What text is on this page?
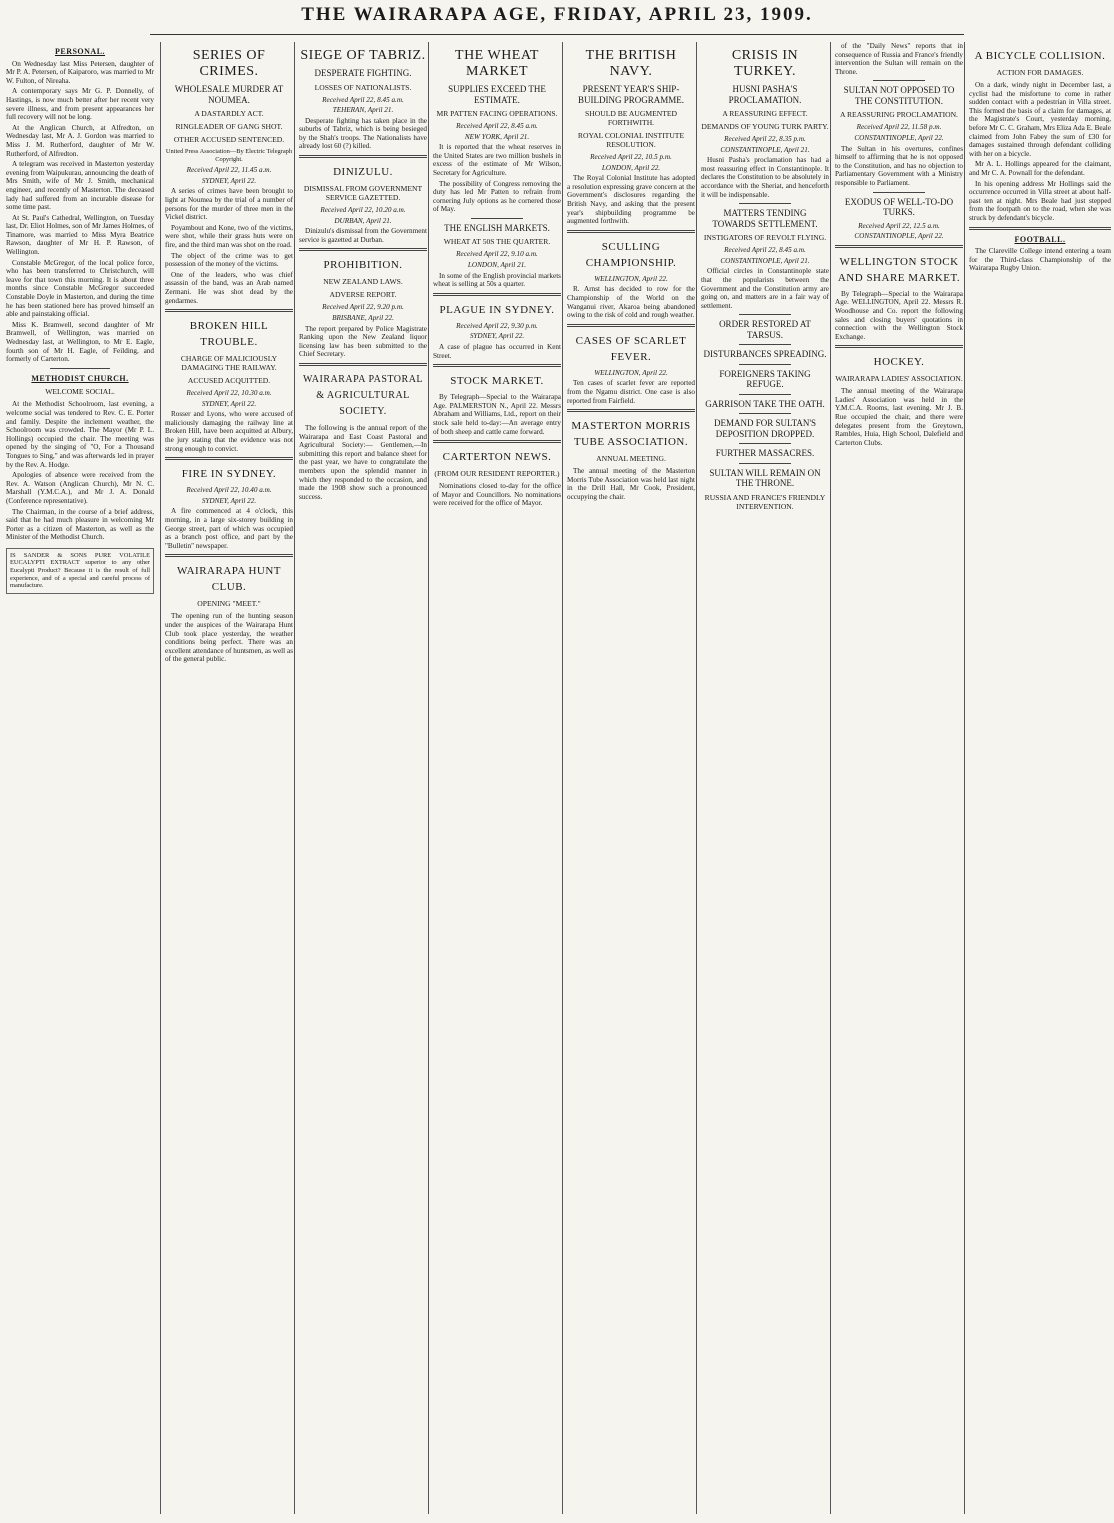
THE WAIRARAPA AGE, FRIDAY, APRIL 23, 1909.
PERSONAL.

On Wednesday last Miss Petersen, daughter of Mr P. A. Petersen, of Kaiparoro, was married to Mr W. Fulton, of Nireaha.

A contemporary says Mr G. P. Donnelly, of Hastings, is now much better after her recent very severe illness, and from present appearances her full recovery will not be long.

At the Anglican Church, at Alfredton, on Wednesday last, Mr A. J. Gordon was married to Miss J. M. Rutherford, daughter of Mr W. Rutherford, of Alfredton.

A telegram was received in Masterton yesterday evening from Waipukurau, announcing the death of Mrs Smith, wife of Mr J. Smith, mechanical engineer, and recently of Masterton. The deceased lady had suffered from an incurable disease for some time past.

At St. Paul's Cathedral, Wellington, on Tuesday last, Dr. Eliot Holmes, son of Mr James Holmes, of Tinamore, was married to Miss Myra Beatrice Rawson, daughter of Mr H. P. Rawson, of Wellington.

Constable McGregor, of the local police force, who has been transferred to Christchurch, will leave for that town this morning. It is about three months since Constable McGregor succeeded Constable Doyle in Masterton, and during the time he has been stationed here has proved himself an able and painstaking official.

Miss K. Bramwell, second daughter of Mr Bramwell, of Wellington, was married on Wednesday last, at Wellington, to Mr E. Eagle, fourth son of Mr H. Eagle, of Feilding, and formerly of Carterton.

METHODIST CHURCH.
WELCOME SOCIAL.

At the Methodist Schoolroom, last evening, a welcome social was tendered to Rev. C. E. Porter and family. Despite the inclement weather, the Schoolroom was crowded. The Mayor (Mr P. L. Hollings) occupied the chair. The meeting was opened by the singing of "O, For a Thousand Tongues to Sing," and was afterwards led in prayer by the Rev. A. Hodge.

Apologies of absence were received from the Rev. A. Watson (Anglican Church), Mr N. C. Marshall (Y.M.C.A.), and Mr J. A. Donald (Conference representative).

The Chairman, in the course of a brief address, said that he had much pleasure in welcoming Mr Porter as a citizen of Masterton, as well as the Minister of the Methodist Church.

IS SANDER & SONS PURE VOLATILE EUCALYPTI EXTRACT superior to any other Eucalypti Product? Because it is the result of full experience, and of a special and careful process of manufacture.
SERIES OF CRIMES.
WHOLESALE MURDER AT NOUMEA.
A DASTARDLY ACT.
RINGLEADER OF GANG SHOT.
OTHER ACCUSED SENTENCED.

United Press Association—By Electric Telegraph Copyright.

Received April 22, 11.45 a.m.

SYDNEY, April 22.

A series of crimes have been brought to light at Noumea by the trial of a number of persons for the murder of three men in the Vickel district.

Poyambout and Kone, two of the victims, were shot, while their grass huts were on fire, and the third man was shot on the road.

The object of the crime was to get possession of the money of the victims.

One of the leaders, who was chief assassin of the band, was an Arab named Zermani. He was shot dead by the gendarmes.

BROKEN HILL TROUBLE.
CHARGE OF MALICIOUSLY DAMAGING THE RAILWAY.
ACCUSED ACQUITTED.

Received April 22, 10.30 a.m.

SYDNEY, April 22.

Rosser and Lyons, who were accused of maliciously damaging the railway line at Broken Hill, have been acquitted at Albury, the jury stating that the evidence was not strong enough to convict.

FIRE IN SYDNEY.

Received April 22, 10.40 a.m.

SYDNEY, April 22.

A fire commenced at 4 o'clock, this morning, in a large six-storey building in George street, part of which was occupied as a branch post office, and part by the "Bulletin" newspaper.

WAIRARAPA HUNT CLUB.
OPENING "MEET."

The opening run of the hunting season under the auspices of the Wairarapa Hunt Club took place yesterday, the weather conditions being perfect. There was an excellent attendance of huntsmen, as well as of the general public.

SIEGE OF TABRIZ.
DESPERATE FIGHTING.
LOSSES OF NATIONALISTS.

Received April 22, 8.45 a.m.

TEHERAN, April 21.

Desperate fighting has taken place in the suburbs of Tabriz, which is being besieged by the Shah's troops. The Nationalists have already lost 60 (?) killed.

DINIZULU.
DISMISSAL FROM GOVERNMENT SERVICE GAZETTED.

Received April 22, 10.20 a.m.

DURBAN, April 21.

Dinizulu's dismissal from the Government service is gazetted at Durban.

PROHIBITION.
NEW ZEALAND LAWS.
ADVERSE REPORT.

Received April 22, 9.20 p.m.

BRISBANE, April 22.

The report prepared by Police Magistrate Ranking upon the New Zealand liquor licensing law has been submitted to the Chief Secretary.

WAIRARAPA PASTORAL & AGRICULTURAL SOCIETY.

The following is the annual report of the Wairarapa and East Coast Pastoral and Agricultural Society:— Gentlemen,—In submitting this report and balance sheet for the past year, we have to congratulate the members upon the splendid manner in which they responded to the occasion, and made the 1908 show such a pronounced success.

THE WHEAT MARKET
SUPPLIES EXCEED THE ESTIMATE.
MR PATTEN FACING OPERATIONS.

Received April 22, 8.45 a.m.

NEW YORK, April 21.

It is reported that the wheat reserves in the United States are two million bushels in excess of the estimate of Mr Wilson, Secretary for Agriculture.

The possibility of Congress removing the duty has led Mr Patten to refrain from cornering July options as he cornered those of May.

THE ENGLISH MARKETS.
WHEAT AT 50S THE QUARTER.

Received April 22, 9.10 a.m.

LONDON, April 21.

In some of the English provincial markets wheat is selling at 50s a quarter.

PLAGUE IN SYDNEY.

Received April 22, 9.30 p.m.

SYDNEY, April 22.

A case of plague has occurred in Kent Street.

STOCK MARKET.

By Telegraph—Special to the Wairarapa Age. PALMERSTON N., April 22. Messrs Abraham and Williams, Ltd., report on their stock sale held to-day:—An average entry of both sheep and cattle came forward.

CARTERTON NEWS.
(FROM OUR RESIDENT REPORTER.)

Nominations closed to-day for the office of Mayor and Councillors. No nominations were received for the office of Mayor.

THE BRITISH NAVY.
PRESENT YEAR'S SHIP-BUILDING PROGRAMME.
SHOULD BE AUGMENTED FORTHWITH.
ROYAL COLONIAL INSTITUTE RESOLUTION.

Received April 22, 10.5 p.m.

LONDON, April 22.

The Royal Colonial Institute has adopted a resolution expressing grave concern at the Government's disclosures regarding the British Navy, and asking that the present year's shipbuilding programme be augmented forthwith.

SCULLING CHAMPIONSHIP.

WELLINGTON, April 22.

R. Arnst has decided to row for the Championship of the World on the Wanganui river, Akaroa being abandoned owing to the risk of cold and rough weather.

CASES OF SCARLET FEVER.

WELLINGTON, April 22.

Ten cases of scarlet fever are reported from the Ngamu district. One case is also reported from Fairfield.

MASTERTON MORRIS TUBE ASSOCIATION.
ANNUAL MEETING.

The annual meeting of the Masterton Morris Tube Association was held last night in the Drill Hall, Mr Cook, President, occupying the chair.

CRISIS IN TURKEY.
HUSNI PASHA'S PROCLAMATION.
A REASSURING EFFECT.
DEMANDS OF YOUNG TURK PARTY.

Received April 22, 8.35 p.m.

CONSTANTINOPLE, April 21.

Husni Pasha's proclamation has had a most reassuring effect in Constantinople. It declares the Constitution to be absolutely in accordance with the Sheriat, and henceforth it will be indispensable.

MATTERS TENDING TOWARDS SETTLEMENT.
INSTIGATORS OF REVOLT FLYING.

Received April 22, 8.45 a.m.

CONSTANTINOPLE, April 21.

Official circles in Constantinople state that the popularists between the Government and the Constitution army are going on, and matters are in a fair way of settlement.

ORDER RESTORED AT TARSUS.
DISTURBANCES SPREADING.
FOREIGNERS TAKING REFUGE.
GARRISON TAKE THE OATH.
DEMAND FOR SULTAN'S DEPOSITION DROPPED.
FURTHER MASSACRES.
SULTAN WILL REMAIN ON THE THRONE.
RUSSIA AND FRANCE'S FRIENDLY INTERVENTION.

of the "Daily News" reports that in consequence of Russia and France's friendly intervention the Sultan will remain on the Throne.

SULTAN NOT OPPOSED TO THE CONSTITUTION.
A REASSURING PROCLAMATION.

Received April 22, 11.58 p.m.

CONSTANTINOPLE, April 22.

The Sultan in his overtures, confines himself to affirming that he is not opposed to the Constitution, and has no objection to Parliamentary Government with a Ministry responsible to Parliament.

EXODUS OF WELL-TO-DO TURKS.

Received April 22, 12.5 a.m.

CONSTANTINOPLE, April 22.

WELLINGTON STOCK AND SHARE MARKET.

By Telegraph—Special to the Wairarapa Age. WELLINGTON, April 22. Messrs R. Woodhouse and Co. report the following sales and closing buyers' quotations in connection with the Wellington Stock Exchange.

HOCKEY.
WAIRARAPA LADIES' ASSOCIATION.

The annual meeting of the Wairarapa Ladies' Association was held in the Y.M.C.A. Rooms, last evening. Mr J. B. Rue occupied the chair, and there were delegates present from the Greytown, Rambles, Huia, High School, Dalefield and Carterton Clubs.

A BICYCLE COLLISION.
ACTION FOR DAMAGES.

On a dark, windy night in December last, a cyclist had the misfortune to come in rather sudden contact with a pedestrian in Villa street. This formed the basis of a claim for damages, at the Magistrate's Court, yesterday morning, before Mr C. C. Graham, Mrs Eliza Ada E. Beale claimed from John Fabey the sum of £30 for damages sustained through defendant colliding with her on a bicycle.

Mr A. L. Hollings appeared for the claimant, and Mr C. A. Pownall for the defendant.

In his opening address Mr Hollings said the occurrence occurred in Villa street at about half-past ten at night. Mrs Beale had just stepped from the footpath on to the road, when she was struck by defendant's bicycle.

FOOTBALL.

The Clareville College intend entering a team for the Third-class Championship of the Wairarapa Rugby Union.
